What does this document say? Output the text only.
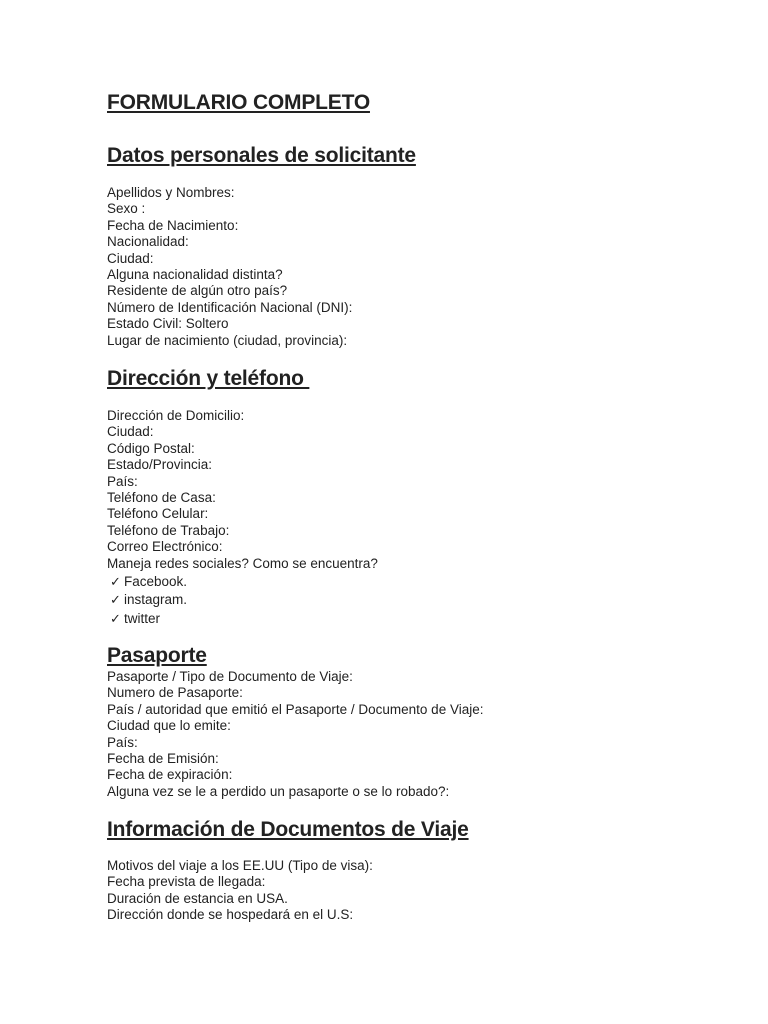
FORMULARIO COMPLETO
Datos personales de solicitante
Apellidos y Nombres:
Sexo :
Fecha de Nacimiento:
Nacionalidad:
Ciudad:
Alguna nacionalidad distinta?
Residente de algún otro país?
Número de Identificación Nacional (DNI):
Estado Civil: Soltero
Lugar de nacimiento (ciudad, provincia):
Dirección y teléfono
Dirección de Domicilio:
Ciudad:
Código Postal:
Estado/Provincia:
País:
Teléfono de Casa:
Teléfono Celular:
Teléfono de Trabajo:
Correo Electrónico:
Maneja redes sociales? Como se encuentra?
✓ Facebook.
✓ instagram.
✓ twitter
Pasaporte
Pasaporte / Tipo de Documento de Viaje:
Numero de Pasaporte:
País / autoridad que emitió el Pasaporte / Documento de Viaje:
Ciudad que lo emite:
País:
Fecha de Emisión:
Fecha de expiración:
Alguna vez se le a perdido un pasaporte o se lo robado?:
Información de Documentos de Viaje
Motivos del viaje a los EE.UU (Tipo de visa):
Fecha prevista de llegada:
Duración de estancia en USA.
Dirección donde se hospedará en el U.S:
